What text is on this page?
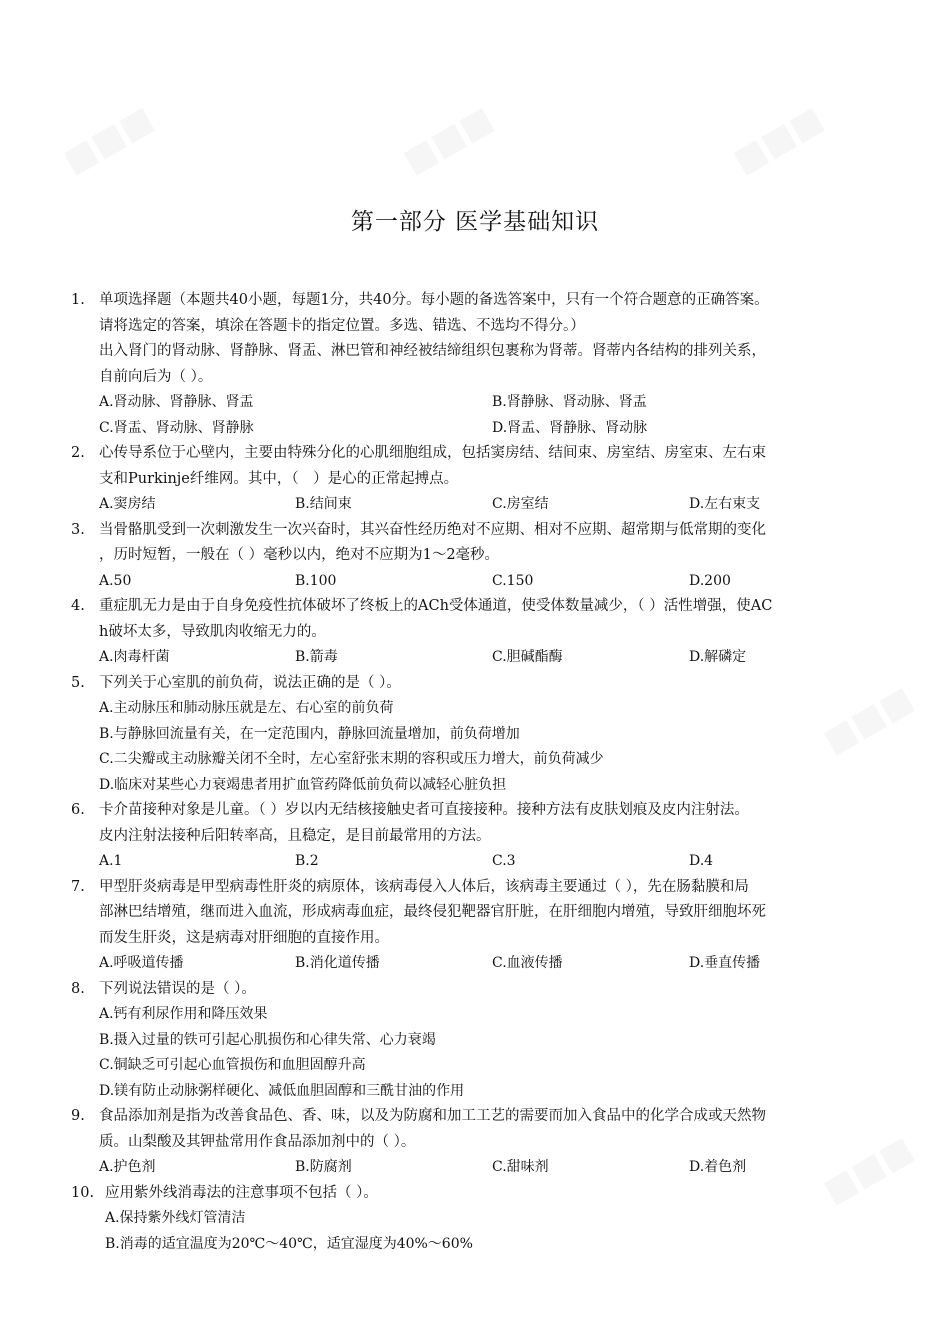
第一部分 医学基础知识
1. 单项选择题（本题共40小题，每题1分，共40分。每小题的备选答案中，只有一个符合题意的正确答案。
请将选定的答案，填涂在答题卡的指定位置。多选、错选、不选均不得分。）
出入肾门的肾动脉、肾静脉、肾盂、淋巴管和神经被结缔组织包裹称为肾蒂。肾蒂内各结构的排列关系，
自前向后为（ ）。
A.肾动脉、肾静脉、肾盂	B.肾静脉、肾动脉、肾盂
C.肾盂、肾动脉、肾静脉	D.肾盂、肾静脉、肾动脉
2. 心传导系位于心壁内，主要由特殊分化的心肌细胞组成，包括窦房结、结间束、房室结、房室束、左右束
支和Purkinje纤维网。其中，（　）是心的正常起搏点。
A.窦房结	B.结间束	C.房室结	D.左右束支
3. 当骨骼肌受到一次刺激发生一次兴奋时，其兴奋性经历绝对不应期、相对不应期、超常期与低常期的变化
，历时短暂，一般在（ ）毫秒以内，绝对不应期为1～2毫秒。
A.50	B.100	C.150	D.200
4. 重症肌无力是由于自身免疫性抗体破坏了终板上的ACh受体通道，使受体数量减少，（ ）活性增强，使AC
h破坏太多，导致肌肉收缩无力的。
A.肉毒杆菌	B.箭毒	C.胆碱酯酶	D.解磷定
5. 下列关于心室肌的前负荷，说法正确的是（ ）。
A.主动脉压和肺动脉压就是左、右心室的前负荷
B.与静脉回流量有关，在一定范围内，静脉回流量增加，前负荷增加
C.二尖瓣或主动脉瓣关闭不全时，左心室舒张末期的容积或压力增大，前负荷减少
D.临床对某些心力衰竭患者用扩血管药降低前负荷以减轻心脏负担
6. 卡介苗接种对象是儿童。（ ）岁以内无结核接触史者可直接接种。接种方法有皮肤划痕及皮内注射法。
皮内注射法接种后阳转率高，且稳定，是目前最常用的方法。
A.1	B.2	C.3	D.4
7. 甲型肝炎病毒是甲型病毒性肝炎的病原体，该病毒侵入人体后，该病毒主要通过（ ），先在肠黏膜和局
部淋巴结增殖，继而进入血流，形成病毒血症，最终侵犯靶器官肝脏，在肝细胞内增殖，导致肝细胞坏死
而发生肝炎，这是病毒对肝细胞的直接作用。
A.呼吸道传播	B.消化道传播	C.血液传播	D.垂直传播
8. 下列说法错误的是（ ）。
A.钙有利尿作用和降压效果
B.摄入过量的铁可引起心肌损伤和心律失常、心力衰竭
C.铜缺乏可引起心血管损伤和血胆固醇升高
D.镁有防止动脉粥样硬化、减低血胆固醇和三酰甘油的作用
9. 食品添加剂是指为改善食品色、香、味，以及为防腐和加工工艺的需要而加入食品中的化学合成或天然物
质。山梨酸及其钾盐常用作食品添加剂中的（ ）。
A.护色剂	B.防腐剂	C.甜味剂	D.着色剂
10. 应用紫外线消毒法的注意事项不包括（ ）。
A.保持紫外线灯管清洁
B.消毒的适宜温度为20℃～40℃，适宜湿度为40%～60%
